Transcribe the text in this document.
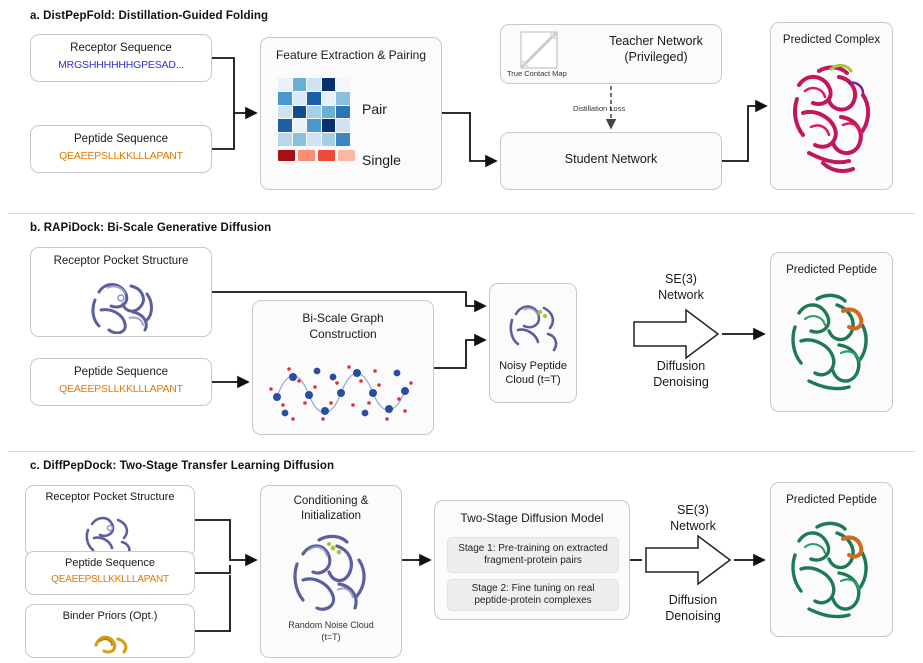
a. DistPepFold: Distillation-Guided Folding
Receptor Sequence
MRGSHHHHHHGPESAD...
Peptide Sequence
QEAEEPSLLKKLLLAPANT
Feature Extraction & Pairing
Pair
Single
Teacher Network
(Privileged)
True Contact Map
Distillation Loss
Student Network
Predicted Complex
b. RAPiDock: Bi-Scale Generative Diffusion
Receptor Pocket Structure
Peptide Sequence
QEAEEPSLLKKLLLAPANT
Bi-Scale Graph
Construction
Noisy Peptide
Cloud (t=T)
SE(3)
Network
Diffusion
Denoising
Predicted Peptide
c. DiffPepDock: Two-Stage Transfer Learning Diffusion
Receptor Pocket Structure
Peptide Sequence
QEAEEPSLLKKLLLAPANT
Binder Priors (Opt.)
Conditioning &
Initialization
Random Noise Cloud
(t=T)
Two-Stage Diffusion Model
Stage 1: Pre-training on extracted fragment-protein pairs
Stage 2: Fine tuning on real peptide-protein complexes
SE(3)
Network
Diffusion
Denoising
Predicted Peptide
